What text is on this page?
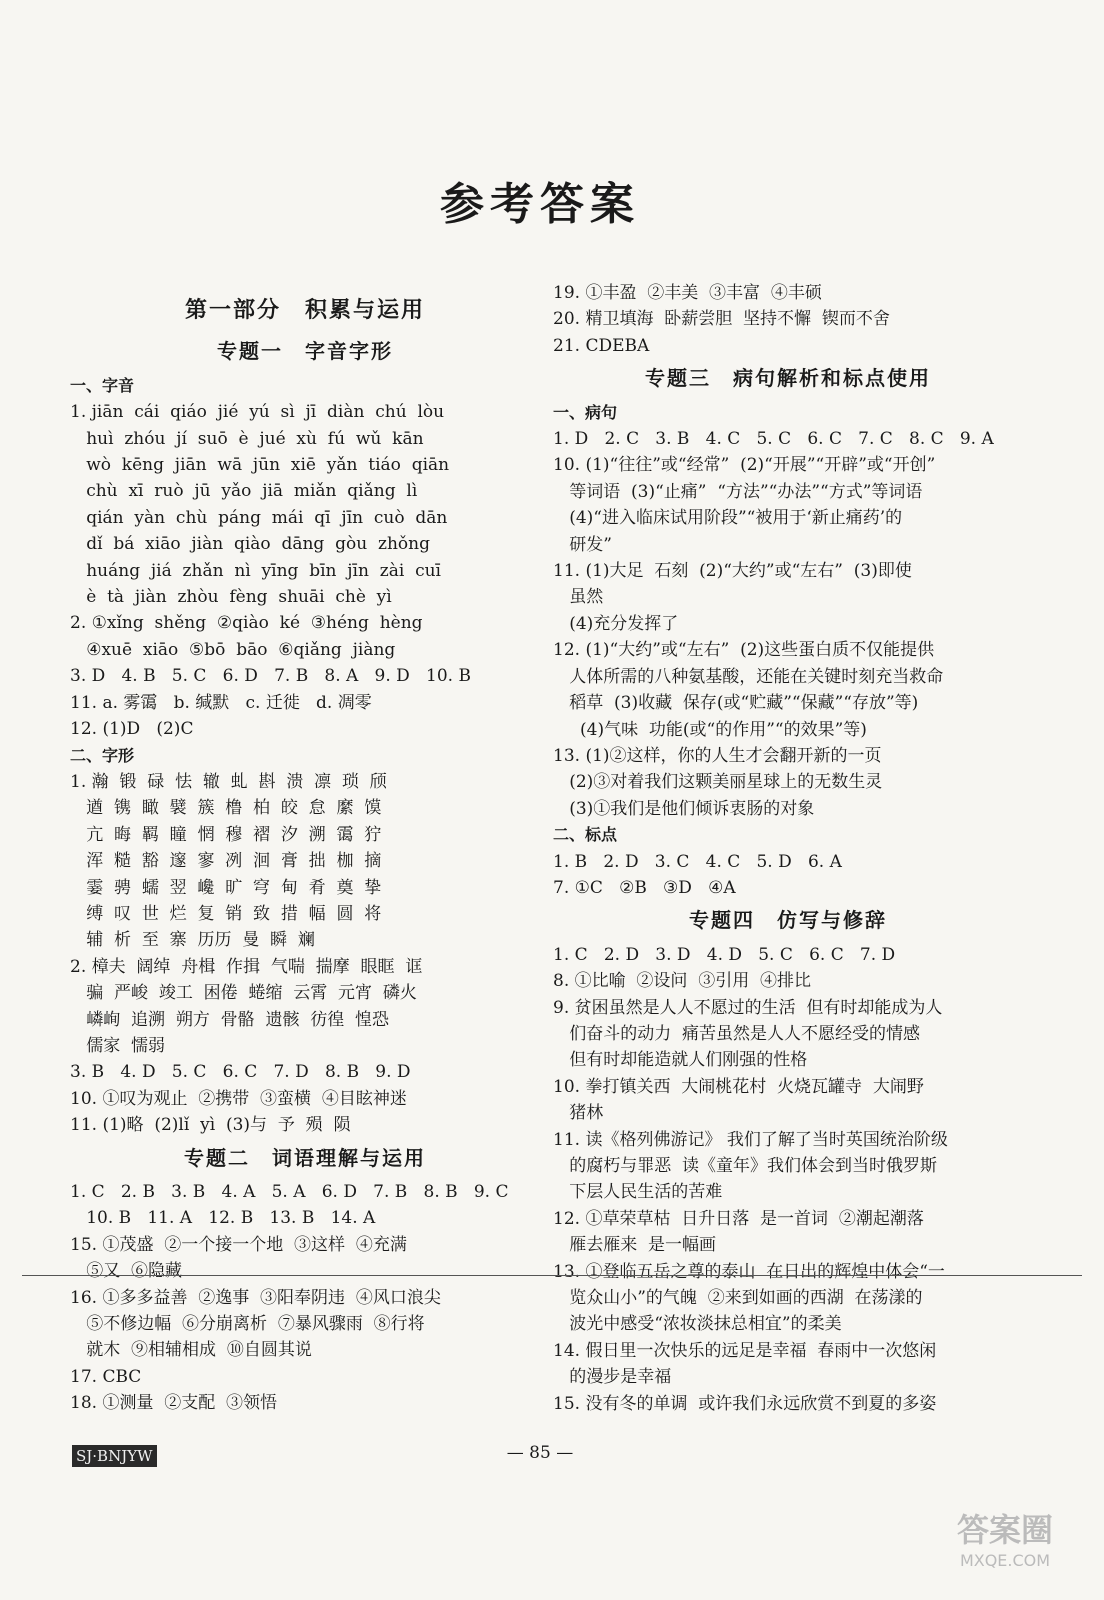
参考答案
第一部分　积累与运用
专题一　字音字形
一、字音
1. jiān  cái  qiáo  jié  yú  sì  jī  diàn  chú  lòu
huì  zhóu  jí  suō  è  jué  xù  fú  wǔ  kān
wò  kēng  jiān  wā  jūn  xiē  yǎn  tiáo  qiān
chù  xī  ruò  jū  yǎo  jiā  miǎn  qiǎng  lì
qián  yàn  chù  páng  mái  qī  jīn  cuò  dān
dǐ  bá  xiāo  jiàn  qiào  dāng  gòu  zhǒng
huáng  jiá  zhǎn  nì  yīng  bīn  jīn  zài  cuī
è  tà  jiàn  zhòu  fèng  shuāi  chè  yì
2. ①xǐng  shěng  ②qiào  ké  ③héng  hèng
④xuē  xiāo  ⑤bō  bāo  ⑥qiǎng  jiàng
3. D   4. B   5. C   6. D   7. B   8. A   9. D   10. B
11. a. 雾霭   b. 缄默   c. 迁徙   d. 凋零
12. (1)D   (2)C
二、字形
1. 瀚  锻  碌  怯  辙  虬  斟  溃  凛  琐  颀
遒  镌  瞰  襞  簇  橹  柏  皎  怠  縻  馍
亢  晦  羁  瞳  惘  穆  褶  汐  溯  霭  狞
浑  糙  豁  邃  寥  冽  洄  膏  拙  枷  摘
霎  骋  蠕  翌  巉  旷  穹  甸  肴  奠  挚
缚  叹  世  烂  复  销  致  措  幅  圆  将
辅  析  至  寨  历历  曼  瞬  斓
2. 樟夫  阔绰  舟楫  作揖  气喘  揣摩  眼眶  诓
骗  严峻  竣工  困倦  蜷缩  云霄  元宵  磷火
嶙峋  追溯  朔方  骨骼  遗骸  彷徨  惶恐
儒家  懦弱
3. B   4. D   5. C   6. C   7. D   8. B   9. D
10. ①叹为观止  ②携带  ③蛮横  ④目眩神迷
11. (1)略  (2)lǐ  yì  (3)与  予  殒  陨
专题二　词语理解与运用
1. C   2. B   3. B   4. A   5. A   6. D   7. B   8. B   9. C
10. B   11. A   12. B   13. B   14. A
15. ①茂盛  ②一个接一个地  ③这样  ④充满
⑤又  ⑥隐藏
16. ①多多益善  ②逸事  ③阳奉阴违  ④风口浪尖
⑤不修边幅  ⑥分崩离析  ⑦暴风骤雨  ⑧行将
就木  ⑨相辅相成  ⑩自圆其说
17. CBC
18. ①测量  ②支配  ③领悟
19. ①丰盈  ②丰美  ③丰富  ④丰硕
20. 精卫填海  卧薪尝胆  坚持不懈  锲而不舍
21. CDEBA
专题三　病句解析和标点使用
一、病句
1. D   2. C   3. B   4. C   5. C   6. C   7. C   8. C   9. A
10. (1)“往往”或“经常”  (2)“开展”“开辟”或“开创”
等词语  (3)“止痛”  “方法”“办法”“方式”等词语
(4)“进入临床试用阶段”“被用于‘新止痛药’的
研发”
11. (1)大足  石刻  (2)“大约”或“左右”  (3)即使
虽然
(4)充分发挥了
12. (1)“大约”或“左右”  (2)这些蛋白质不仅能提供
人体所需的八种氨基酸，还能在关键时刻充当救命
稻草  (3)收藏  保存(或“贮藏”“保藏”“存放”等)
(4)气味  功能(或“的作用”“的效果”等)
13. (1)②这样，你的人生才会翻开新的一页
(2)③对着我们这颗美丽星球上的无数生灵
(3)①我们是他们倾诉衷肠的对象
二、标点
1. B   2. D   3. C   4. C   5. D   6. A
7. ①C   ②B   ③D   ④A
专题四　仿写与修辞
1. C   2. D   3. D   4. D   5. C   6. C   7. D
8. ①比喻  ②设问  ③引用  ④排比
9. 贫困虽然是人人不愿过的生活  但有时却能成为人
们奋斗的动力  痛苦虽然是人人不愿经受的情感
但有时却能造就人们刚强的性格
10. 拳打镇关西  大闹桃花村  火烧瓦罐寺  大闹野
猪林
11. 读《格列佛游记》 我们了解了当时英国统治阶级
的腐朽与罪恶  读《童年》我们体会到当时俄罗斯
下层人民生活的苦难
12. ①草荣草枯  日升日落  是一首词  ②潮起潮落
雁去雁来  是一幅画
13. ①登临五岳之尊的泰山  在日出的辉煌中体会“一
览众山小”的气魄  ②来到如画的西湖  在荡漾的
波光中感受“浓妆淡抹总相宜”的柔美
14. 假日里一次快乐的远足是幸福  春雨中一次悠闲
的漫步是幸福
15. 没有冬的单调  或许我们永远欣赏不到夏的多姿
SJ·BNJYW	— 85 —
答案圈
MXQE.COM
